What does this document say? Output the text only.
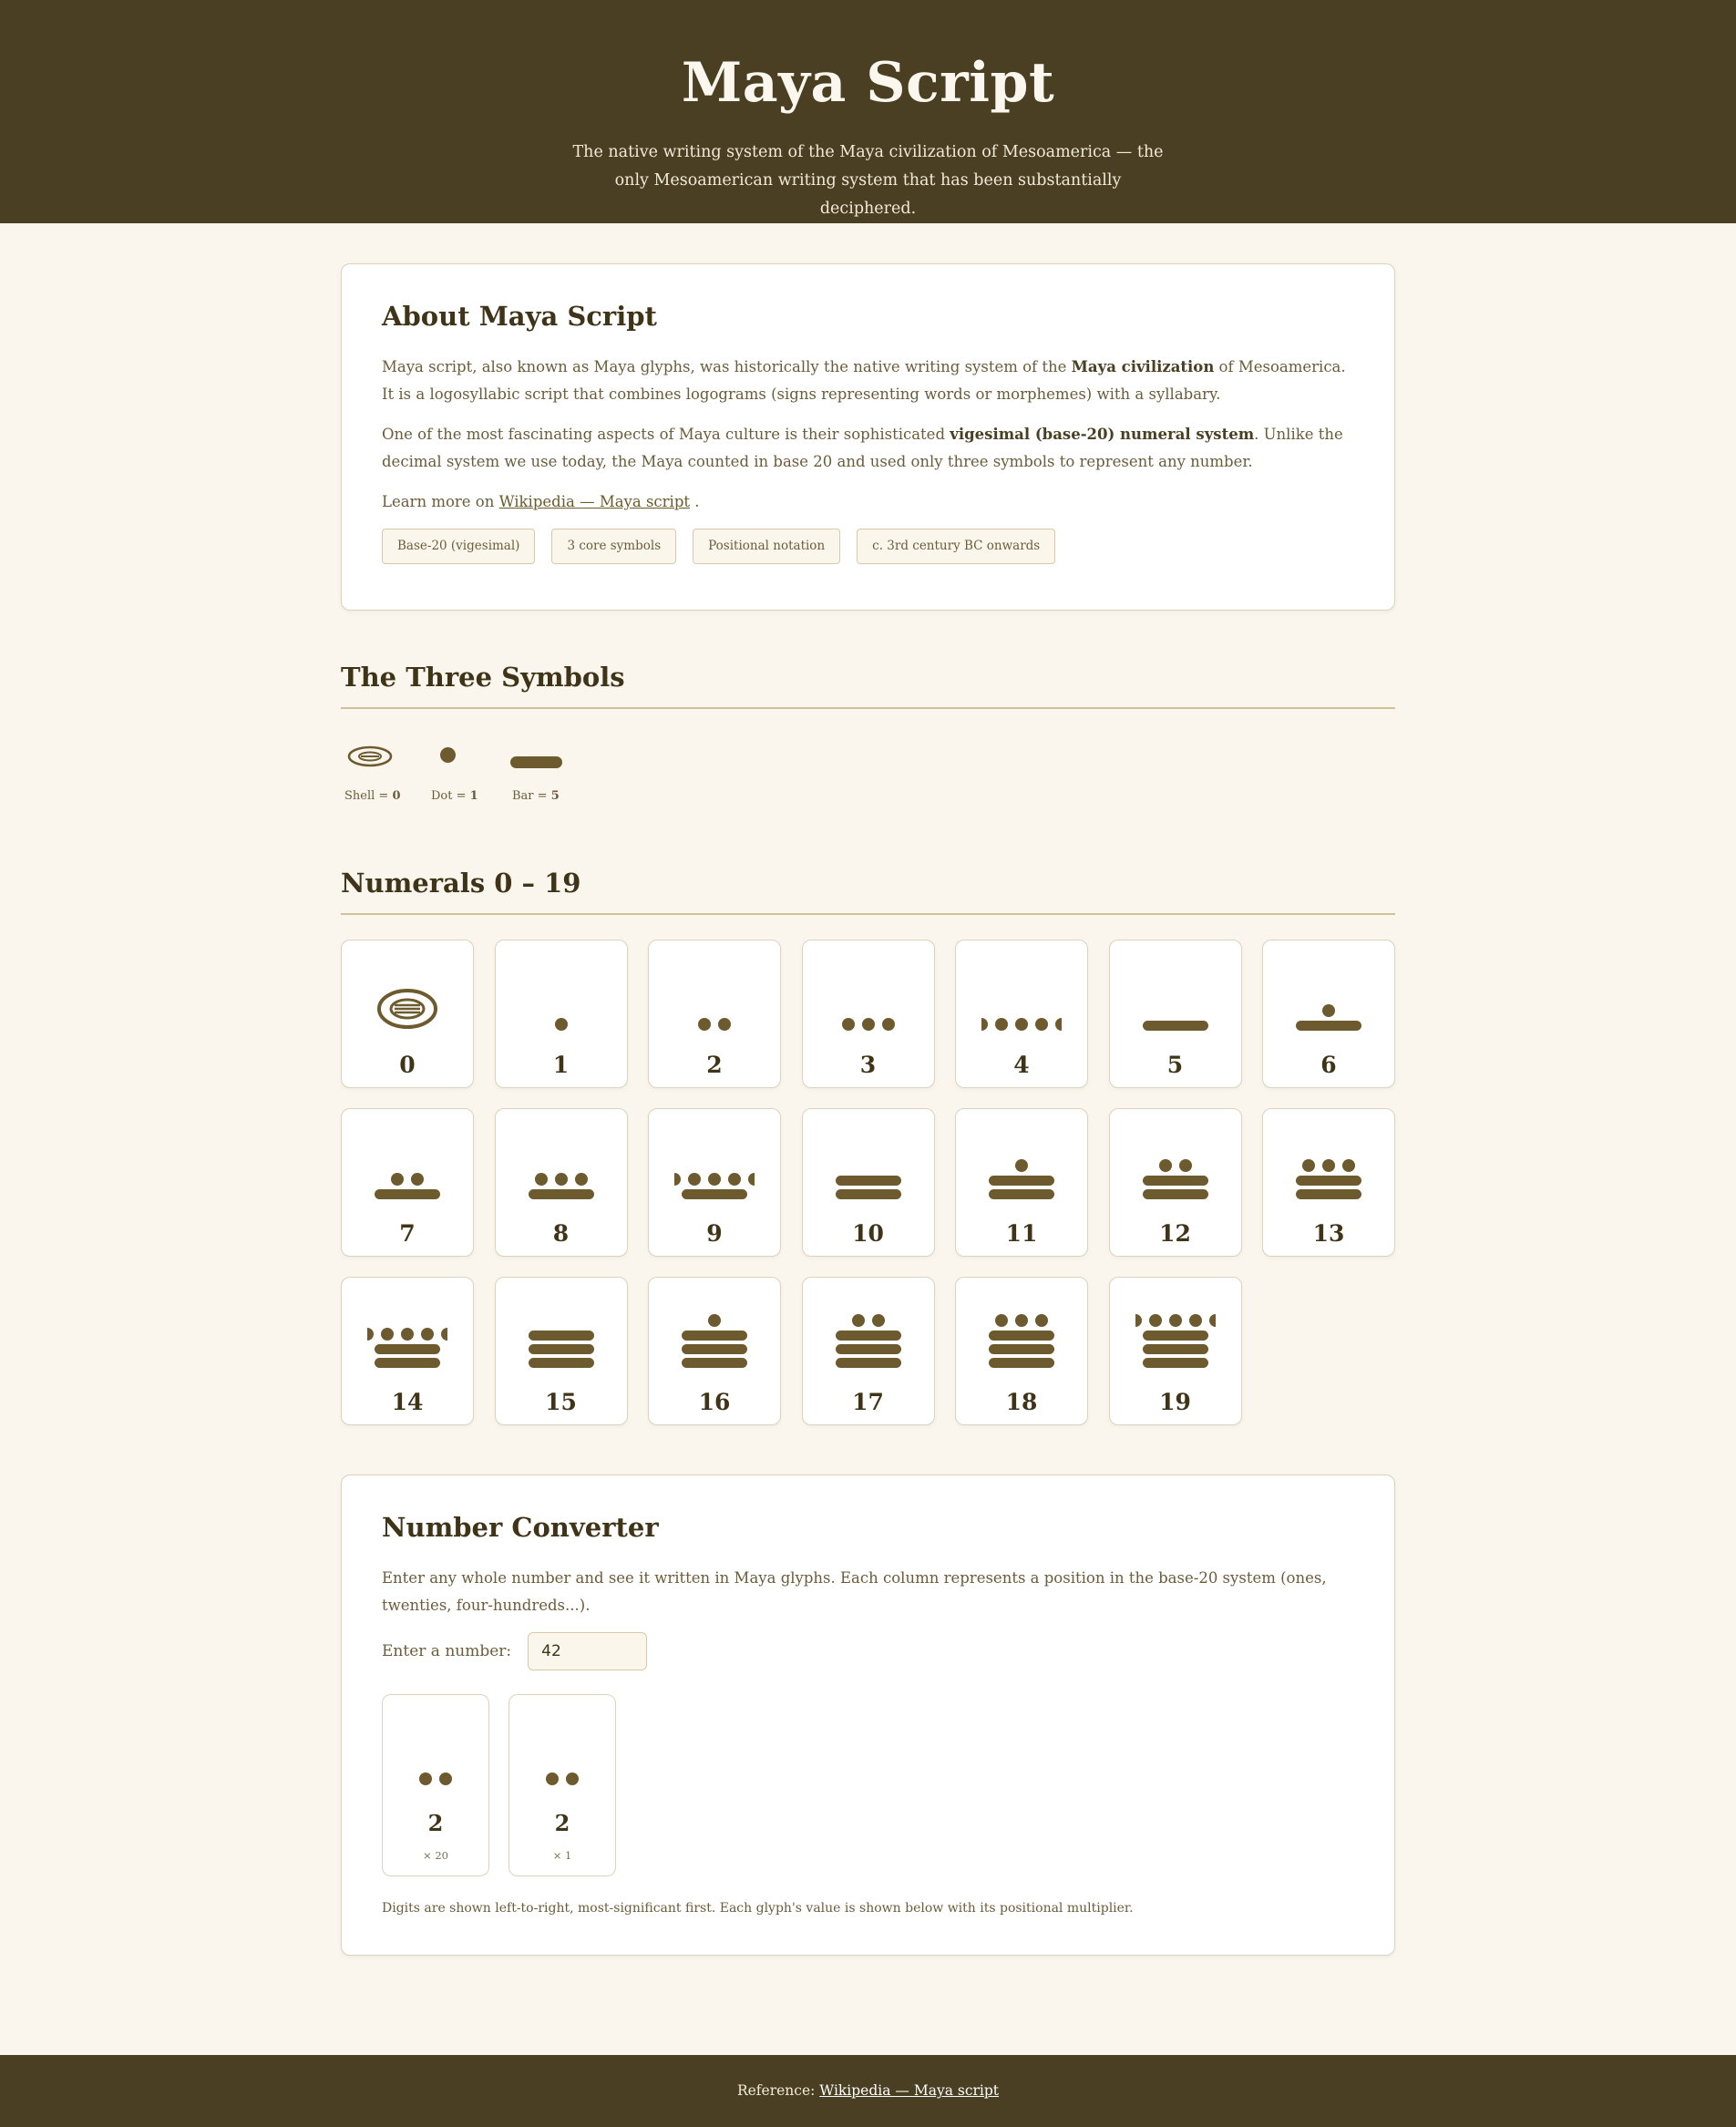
Maya Script

The native writing system of the Maya civilization of Mesoamerica — the only Mesoamerican writing system that has been substantially deciphered.

About Maya Script

Maya script, also known as Maya glyphs, was historically the native writing system of the Maya civilization of Mesoamerica. It is a logosyllabic script that combines logograms (signs representing words or morphemes) with a syllabary.

One of the most fascinating aspects of Maya culture is their sophisticated vigesimal (base-20) numeral system. Unlike the decimal system we use today, the Maya counted in base 20 and used only three symbols to represent any number.

Learn more on Wikipedia — Maya script .

Base-20 (vigesimal)	3 core symbols	Positional notation	c. 3rd century BC onwards
The Three Symbols
Shell = 0	Dot = 1	Bar = 5
Numerals 0 – 19
0	1	2	3	4	5	6
7	8	9	10	11	12	13
14	15	16	17	18	19
Number Converter

Enter any whole number and see it written in Maya glyphs. Each column represents a position in the base-20 system (ones, twenties, four-hundreds...).

Enter a number:
42
2
× 20
2
× 1

Digits are shown left-to-right, most-significant first. Each glyph's value is shown below with its positional multiplier.

Reference: Wikipedia — Maya script
